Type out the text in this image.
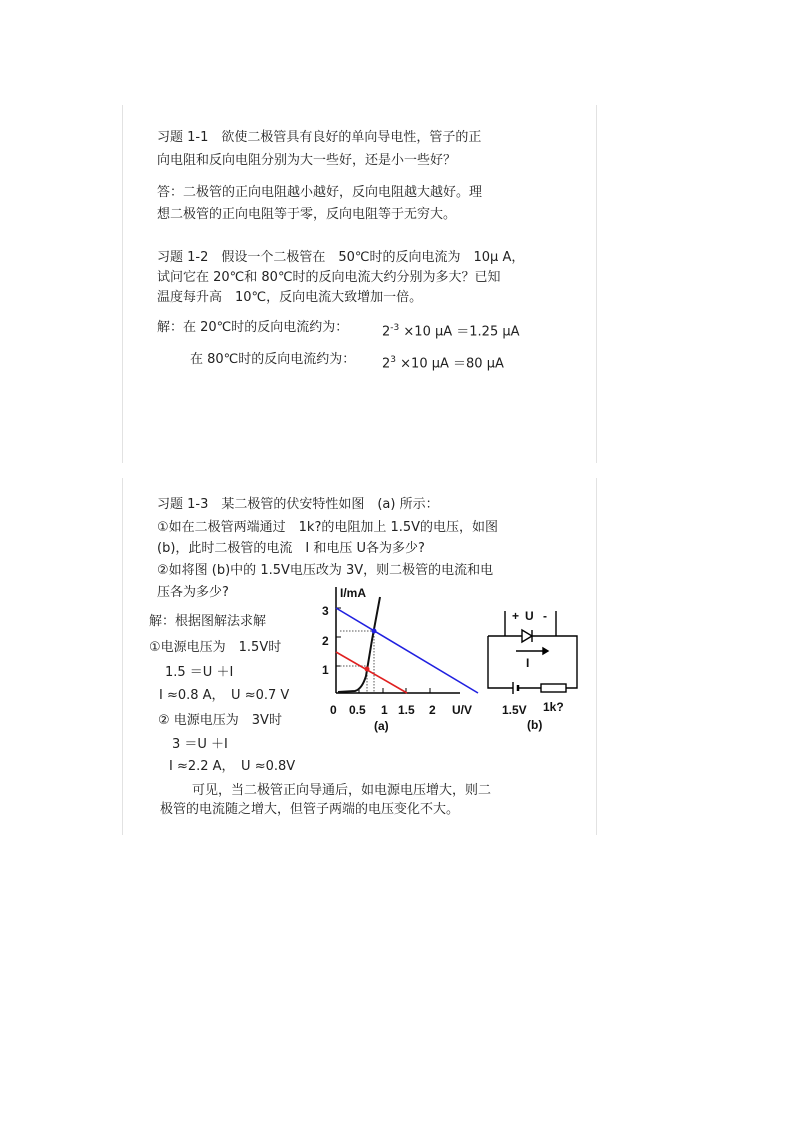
习题 1-1　欲使二极管具有良好的单向导电性，管子的正
向电阻和反向电阻分别为大一些好，还是小一些好？
答：二极管的正向电阻越小越好，反向电阻越大越好。理
想二极管的正向电阻等于零，反向电阻等于无穷大。
习题 1-2　假设一个二极管在　50℃时的反向电流为　10μ A，
试问它在 20℃和 80℃时的反向电流大约分别为多大？已知
温度每升高　10℃，反向电流大致增加一倍。
解：在 20℃时的反向电流约为：	$2^{-3} \times 10$ μA ＝1.25 μA
在 80℃时的反向电流约为： $2^3 \times 10$ μA ＝80 μA
习题 1-3　某二极管的伏安特性如图　(a) 所示：
①如在二极管两端通过　1k?的电阻加上 1.5V的电压，如图
(b)，此时二极管的电流　I 和电压 U各为多少?
②如将图 (b)中的 1.5V电压改为 3V，则二极管的电流和电
压各为多少?
解：根据图解法求解
①电源电压为　1.5V时
1.5 ＝U ＋I
I ≈0.8 A，　U ≈0.7 V
② 电源电压为　3V时
3 ＝U ＋I
I ≈2.2 A，　U ≈0.8V
可见，当二极管正向导通后，如电源电压增大，则二
极管的电流随之增大，但管子两端的电压变化不大。
I/mA
3
2
1
0 0.5 1 1.5 2 U/V
(a)
+ U -
I
1.5V 1k?
(b)
